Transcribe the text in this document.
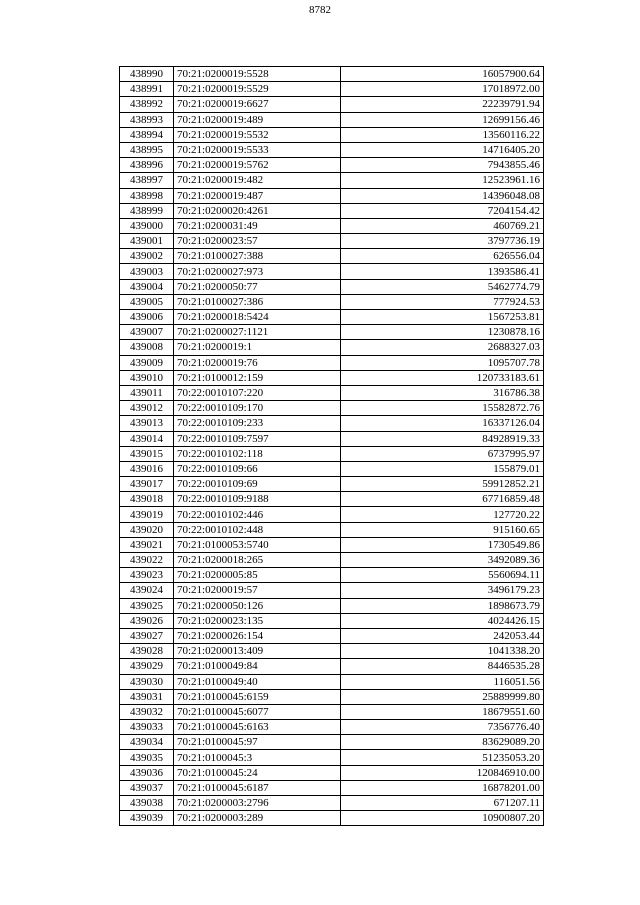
8782
438990	70:21:0200019:5528	16057900.64
438991	70:21:0200019:5529	17018972.00
438992	70:21:0200019:6627	22239791.94
438993	70:21:0200019:489	12699156.46
438994	70:21:0200019:5532	13560116.22
438995	70:21:0200019:5533	14716405.20
438996	70:21:0200019:5762	7943855.46
438997	70:21:0200019:482	12523961.16
438998	70:21:0200019:487	14396048.08
438999	70:21:0200020:4261	7204154.42
439000	70:21:0200031:49	460769.21
439001	70:21:0200023:57	3797736.19
439002	70:21:0100027:388	626556.04
439003	70:21:0200027:973	1393586.41
439004	70:21:0200050:77	5462774.79
439005	70:21:0100027:386	777924.53
439006	70:21:0200018:5424	1567253.81
439007	70:21:0200027:1121	1230878.16
439008	70:21:0200019:1	2688327.03
439009	70:21:0200019:76	1095707.78
439010	70:21:0100012:159	120733183.61
439011	70:22:0010107:220	316786.38
439012	70:22:0010109:170	15582872.76
439013	70:22:0010109:233	16337126.04
439014	70:22:0010109:7597	84928919.33
439015	70:22:0010102:118	6737995.97
439016	70:22:0010109:66	155879.01
439017	70:22:0010109:69	59912852.21
439018	70:22:0010109:9188	67716859.48
439019	70:22:0010102:446	127720.22
439020	70:22:0010102:448	915160.65
439021	70:21:0100053:5740	1730549.86
439022	70:21:0200018:265	3492089.36
439023	70:21:0200005:85	5560694.11
439024	70:21:0200019:57	3496179.23
439025	70:21:0200050:126	1898673.79
439026	70:21:0200023:135	4024426.15
439027	70:21:0200026:154	242053.44
439028	70:21:0200013:409	1041338.20
439029	70:21:0100049:84	8446535.28
439030	70:21:0100049:40	116051.56
439031	70:21:0100045:6159	25889999.80
439032	70:21:0100045:6077	18679551.60
439033	70:21:0100045:6163	7356776.40
439034	70:21:0100045:97	83629089.20
439035	70:21:0100045:3	51235053.20
439036	70:21:0100045:24	120846910.00
439037	70:21:0100045:6187	16878201.00
439038	70:21:0200003:2796	671207.11
439039	70:21:0200003:289	10900807.20
